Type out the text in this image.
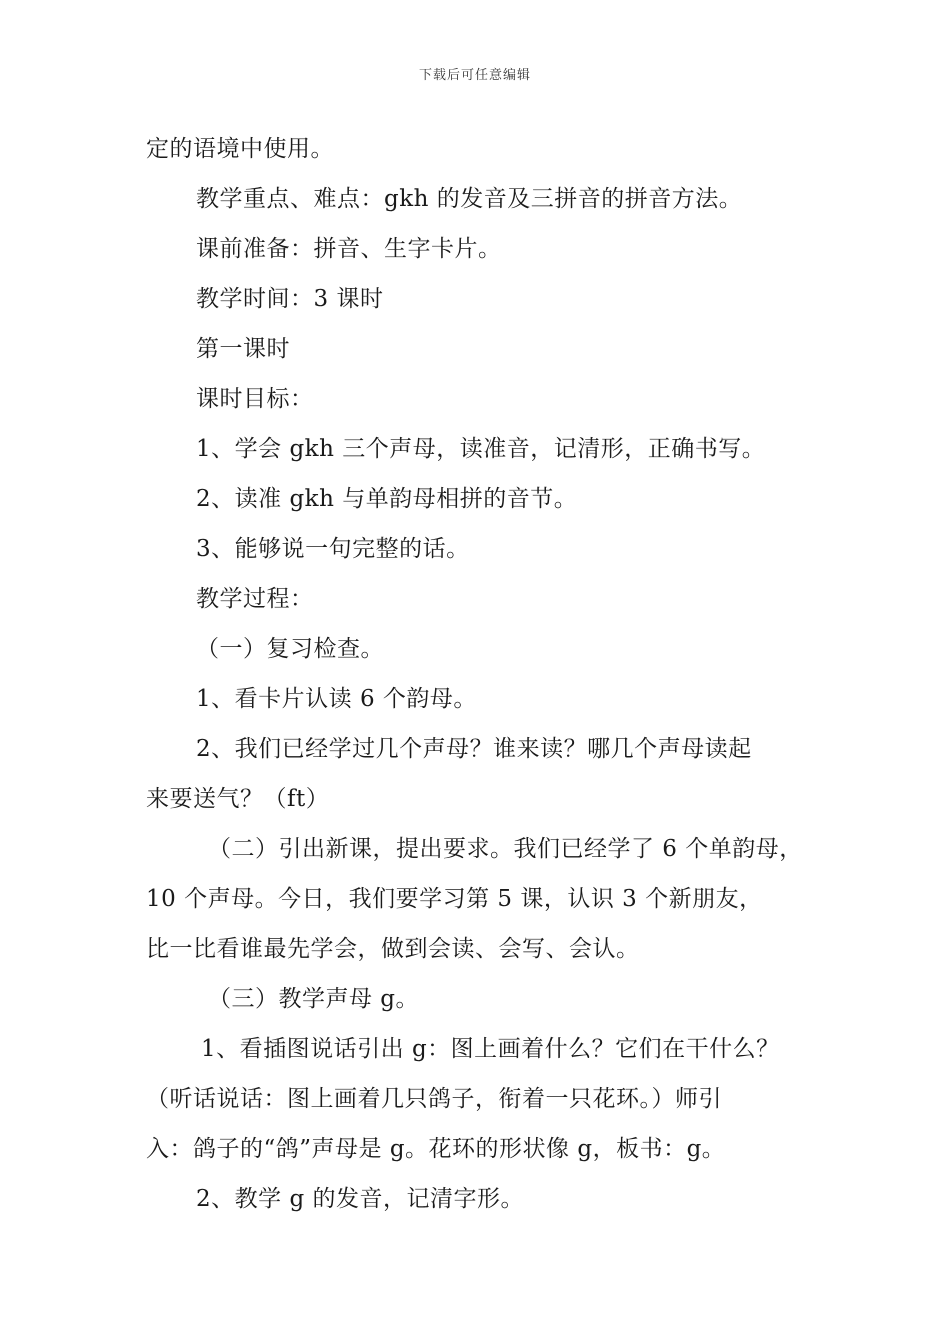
下载后可任意编辑
定的语境中使用。
教学重点、难点：gkh 的发音及三拼音的拼音方法。
课前准备：拼音、生字卡片。
教学时间：3 课时
第一课时
课时目标：
1、学会 gkh 三个声母，读准音，记清形，正确书写。
2、读准 gkh 与单韵母相拼的音节。
3、能够说一句完整的话。
教学过程：
（一）复习检查。
1、看卡片认读 6 个韵母。
2、我们已经学过几个声母？谁来读？哪几个声母读起
来要送气？（ft）
（二）引出新课，提出要求。我们已经学了 6 个单韵母，
10 个声母。今日，我们要学习第 5 课，认识 3 个新朋友，
比一比看谁最先学会，做到会读、会写、会认。
（三）教学声母 g。
1、看插图说话引出 g：图上画着什么？它们在干什么？
（听话说话：图上画着几只鸽子，衔着一只花环。）师引
入：鸽子的“鸽”声母是 g。花环的形状像 g，板书：g。
2、教学 g 的发音，记清字形。
